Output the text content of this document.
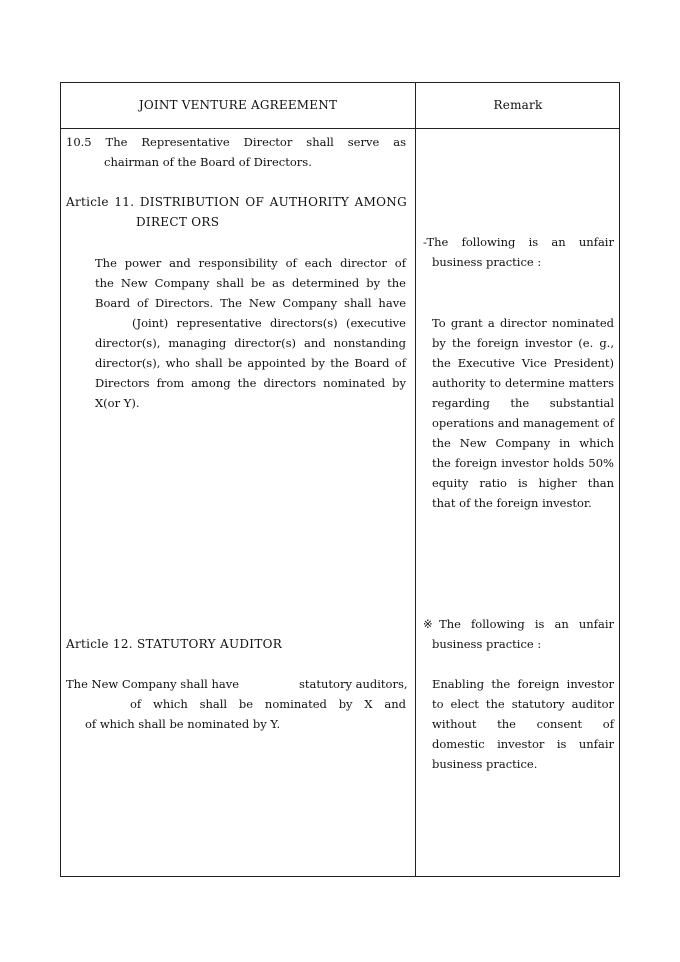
JOINT VENTURE AGREEMENT	Remark
10.5 The Representative Director shall serve as
chairman of the Board of Directors.
Article 11. DISTRIBUTION OF AUTHORITY AMONG
DIRECT ORS
The power and responsibility of each director of
the New Company shall be as determined by the
Board of Directors. The New Company shall have
(Joint) representative directors(s) (executive
director(s), managing director(s) and nonstanding
director(s), who shall be appointed by the Board of
Directors from among the directors nominated by
X(or Y).
Article 12. STATUTORY AUDITOR
The New Company shall have	statutory auditors,
of which shall be nominated by X and
of which shall be nominated by Y.
-The following is an unfair
business practice :
To grant a director nominated
by the foreign investor (e. g.,
the Executive Vice President)
authority to determine matters
regarding the substantial
operations and management of
the New Company in which
the foreign investor holds 50%
equity ratio is higher than
that of the foreign investor.
※The following is an unfair
business practice :
Enabling the foreign investor
to elect the statutory auditor
without the consent of
domestic investor is unfair
business practice.
